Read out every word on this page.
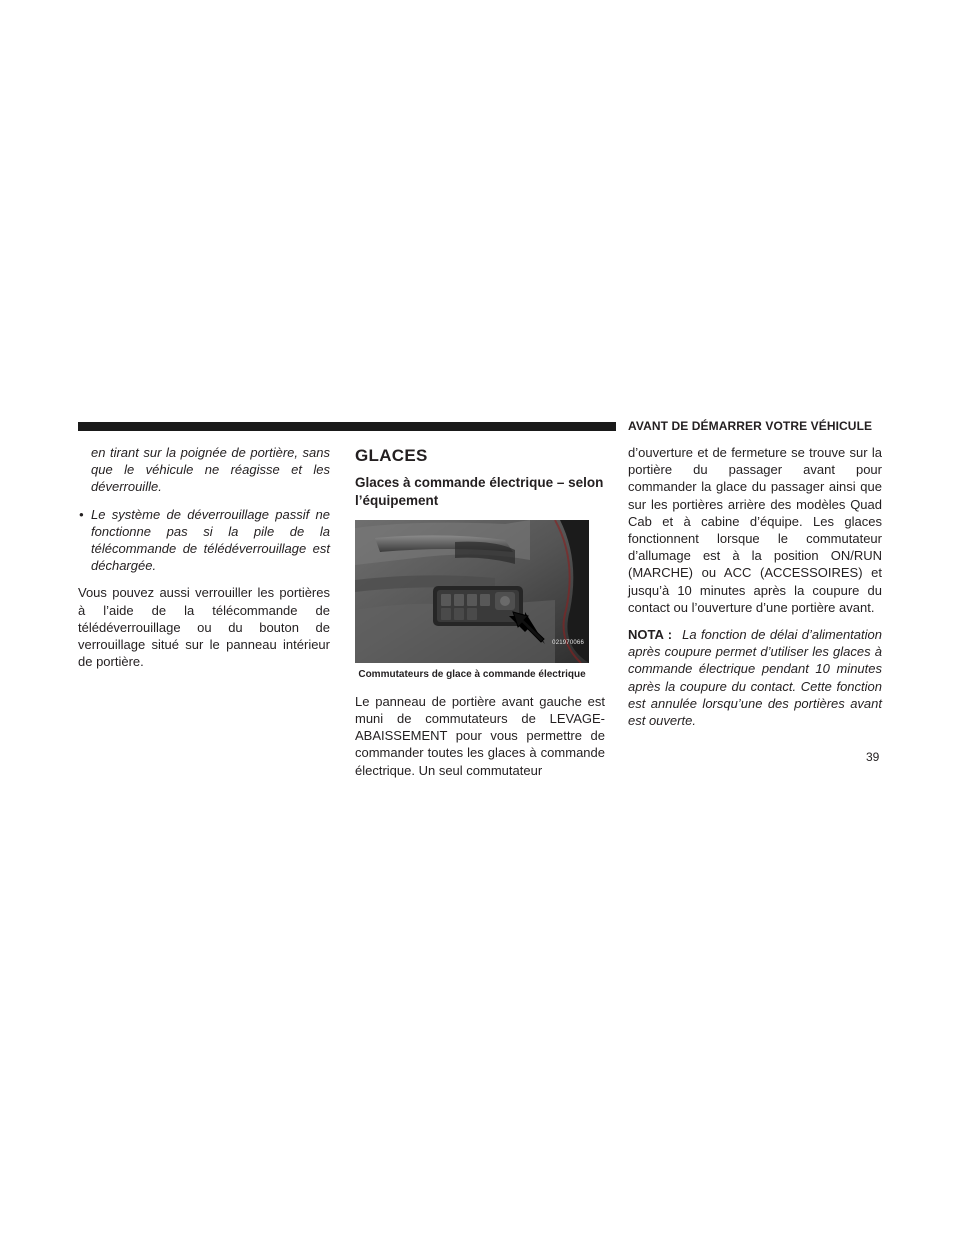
AVANT DE DÉMARRER VOTRE VÉHICULE

en tirant sur la poignée de portière, sans que le véhicule ne réagisse et les déverrouille.

• Le système de déverrouillage passif ne fonctionne pas si la pile de la télécommande de télédéverrouillage est déchargée.

Vous pouvez aussi verrouiller les portières à l’aide de la télécommande de télédéverrouillage ou du bouton de verrouillage situé sur le panneau intérieur de portière.

GLACES

Glaces à commande électrique – selon l’équipement

021970066

Commutateurs de glace à commande électrique

Le panneau de portière avant gauche est muni de commutateurs de LEVAGE-ABAISSEMENT pour vous permettre de commander toutes les glaces à commande électrique. Un seul commutateur

d’ouverture et de fermeture se trouve sur la portière du passager avant pour commander la glace du passager ainsi que sur les portières arrière des modèles Quad Cab et à cabine d’équipe. Les glaces fonctionnent lorsque le commutateur d’allumage est à la position ON/RUN (MARCHE) ou ACC (ACCESSOIRES) et jusqu’à 10 minutes après la coupure du contact ou l’ouverture d’une portière avant.

NOTA : La fonction de délai d’alimentation après coupure permet d’utiliser les glaces à commande électrique pendant 10 minutes après la coupure du contact. Cette fonction est annulée lorsqu’une des portières avant est ouverte.

39
